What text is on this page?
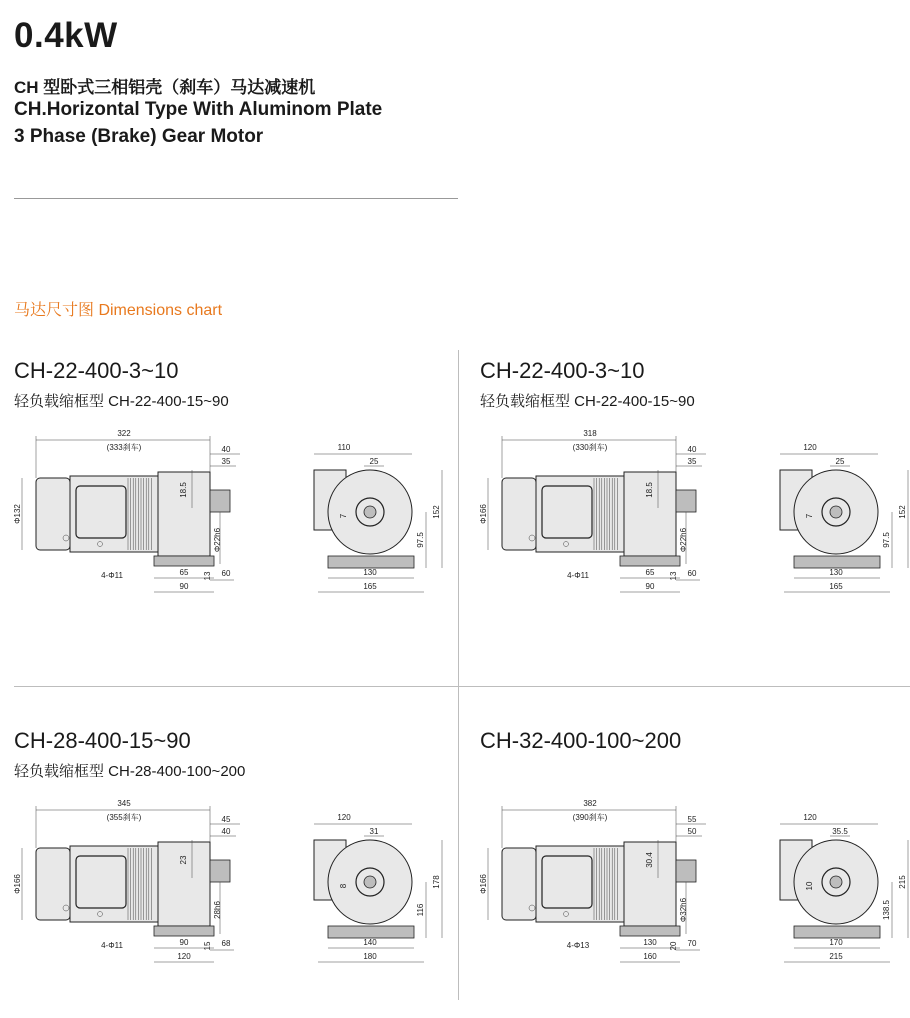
0.4kW
CH 型卧式三相铝壳（刹车）马达减速机
CH.Horizontal Type With Aluminom Plate
3 Phase (Brake) Gear Motor
马达尺寸图 Dimensions chart
CH-22-400-3~10
轻负载缩框型 CH-22-400-15~90
322
(333刹车)	40
35
18.5
Φ22h6
13
65	60
90
4-Φ11
Φ132
110
25
7	152
97.5
130
165
CH-22-400-3~10
轻负载缩框型 CH-22-400-15~90
318
(330刹车)	40
35
18.5
Φ22h6
13
65	60
90
4-Φ11
Φ166
120
25
7	152
97.5
130
165
CH-28-400-15~90
轻负载缩框型 CH-28-400-100~200
345
(355刹车)	45
40
23
28h6
15
90	68
120
4-Φ11
Φ166
120
31
8	178
116
140
180
CH-32-400-100~200
382
(390刹车)	55
50
30.4
Φ32h6
20
130	70
160
4-Φ13
Φ166
120
35.5
10	215
138.5
170
215
